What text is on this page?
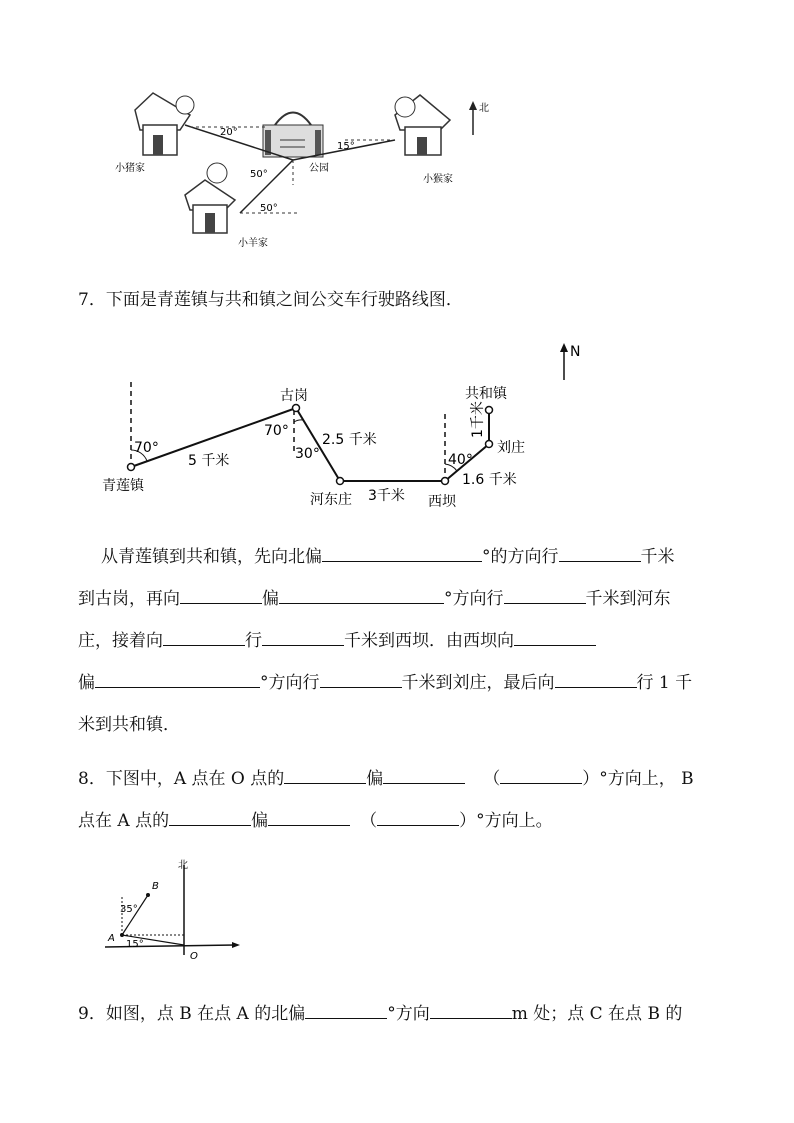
北
20°
15°
50°
50°
小猪家	公园
小猴家
小羊家
7．下面是青莲镇与共和镇之间公交车行驶路线图．
N
70°
70°
30°	40°
5 千米
2.5 千米
3千米
1.6 千米
1千米
青莲镇
古岗
河东庄	西坝
刘庄
共和镇
从青莲镇到共和镇，先向北偏	°的方向行	千米
到古岗，再向	偏	°方向行	千米到河东
庄，接着向	行	千米到西坝．由西坝向
偏	°方向行	千米到刘庄，最后向	行 1 千
米到共和镇．
8．下图中，A 点在 O 点的	偏	（	）°方向上， B
点在 A 点的	偏	（	）°方向上。
北
A
B
O
35°
15°
9．如图，点 B 在点 A 的北偏	°方向	m 处；点 C 在点 B 的
